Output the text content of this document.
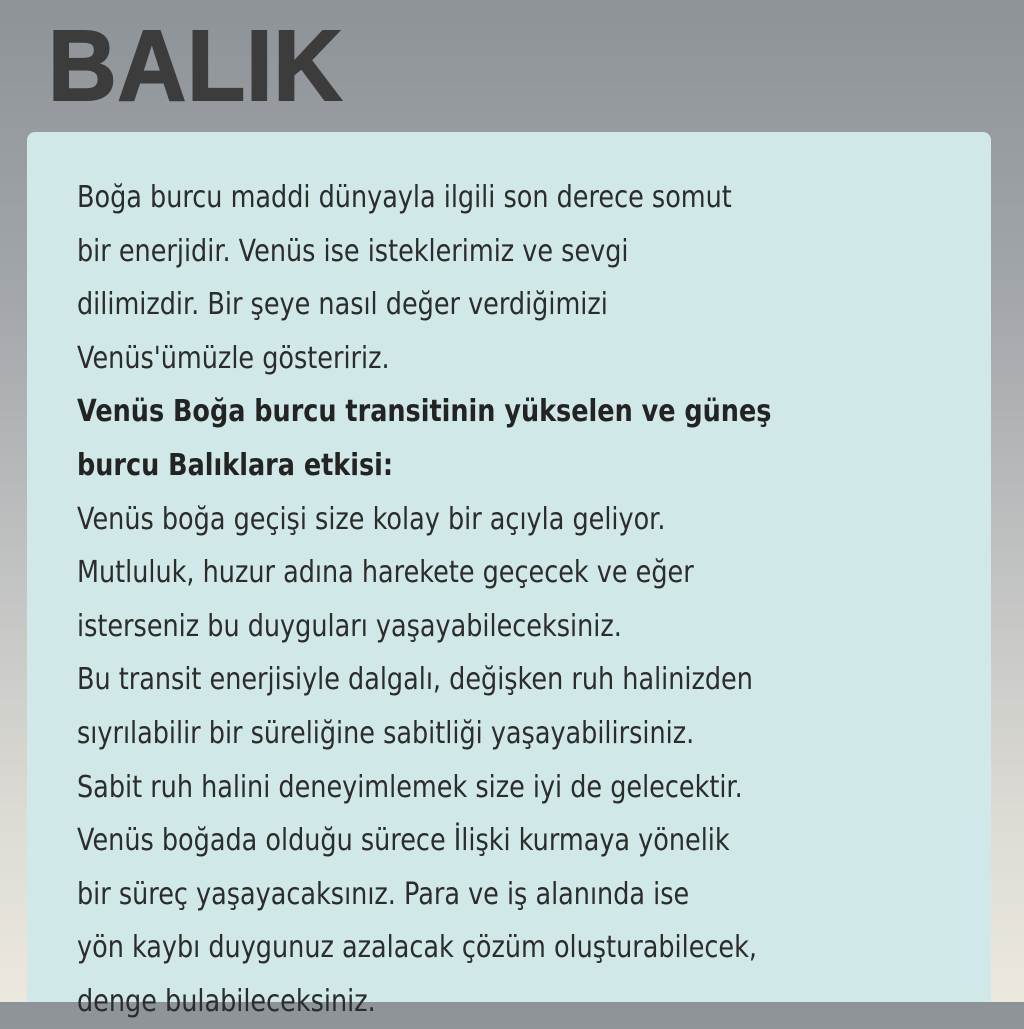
BALIK

Boğa burcu maddi dünyayla ilgili son derece somut

bir enerjidir. Venüs ise isteklerimiz ve sevgi

dilimizdir. Bir şeye nasıl değer verdiğimizi

Venüs'ümüzle gösteririz.

Venüs Boğa burcu transitinin yükselen ve güneş

burcu Balıklara etkisi:

Venüs boğa geçişi size kolay bir açıyla geliyor.

Mutluluk, huzur adına harekete geçecek ve eğer

isterseniz bu duyguları yaşayabileceksiniz.

Bu transit enerjisiyle dalgalı, değişken ruh halinizden

sıyrılabilir bir süreliğine sabitliği yaşayabilirsiniz.

Sabit ruh halini deneyimlemek size iyi de gelecektir.

Venüs boğada olduğu sürece İlişki kurmaya yönelik

bir süreç yaşayacaksınız. Para ve iş alanında ise

yön kaybı duygunuz azalacak çözüm oluşturabilecek,

denge bulabileceksiniz.
